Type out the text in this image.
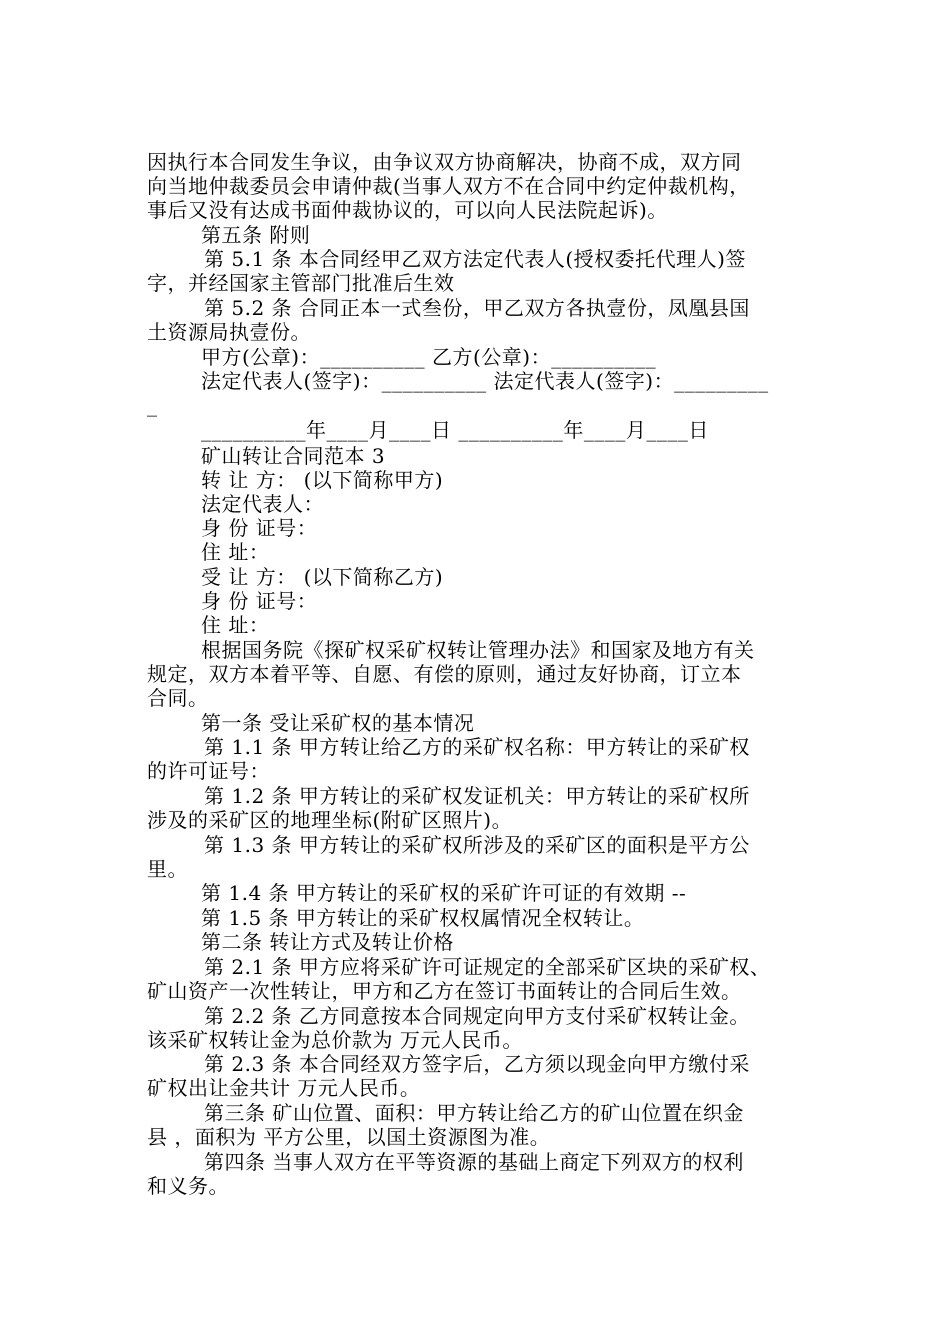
因执行本合同发生争议，由争议双方协商解决，协商不成，双方同
向当地仲裁委员会申请仲裁(当事人双方不在合同中约定仲裁机构，
事后又没有达成书面仲裁协议的，可以向人民法院起诉)。
第五条 附则
第 5.1 条 本合同经甲乙双方法定代表人(授权委托代理人)签
字，并经国家主管部门批准后生效
第 5.2 条 合同正本一式叁份，甲乙双方各执壹份，凤凰县国
土资源局执壹份。
甲方(公章)：__________ 乙方(公章)：__________
法定代表人(签字)：__________ 法定代表人(签字)：_________
_
__________年____月____日 __________年____月____日
矿山转让合同范本 3
转 让 方： (以下简称甲方)
法定代表人：
身 份 证号：
住 址：
受 让 方： (以下简称乙方)
身 份 证号：
住 址：
根据国务院《探矿权采矿权转让管理办法》和国家及地方有关
规定，双方本着平等、自愿、有偿的原则，通过友好协商，订立本
合同。
第一条 受让采矿权的基本情况
第 1.1 条 甲方转让给乙方的采矿权名称：甲方转让的采矿权
的许可证号：
第 1.2 条 甲方转让的采矿权发证机关：甲方转让的采矿权所
涉及的采矿区的地理坐标(附矿区照片)。
第 1.3 条 甲方转让的采矿权所涉及的采矿区的面积是平方公
里。
第 1.4 条 甲方转让的采矿权的采矿许可证的有效期 --
第 1.5 条 甲方转让的采矿权权属情况全权转让。
第二条 转让方式及转让价格
第 2.1 条 甲方应将采矿许可证规定的全部采矿区块的采矿权、
矿山资产一次性转让，甲方和乙方在签订书面转让的合同后生效。
第 2.2 条 乙方同意按本合同规定向甲方支付采矿权转让金。
该采矿权转让金为总价款为 万元人民币。
第 2.3 条 本合同经双方签字后，乙方须以现金向甲方缴付采
矿权出让金共计 万元人民币。
第三条 矿山位置、面积：甲方转让给乙方的矿山位置在织金
县 ，面积为 平方公里，以国土资源图为准。
第四条 当事人双方在平等资源的基础上商定下列双方的权利
和义务。
